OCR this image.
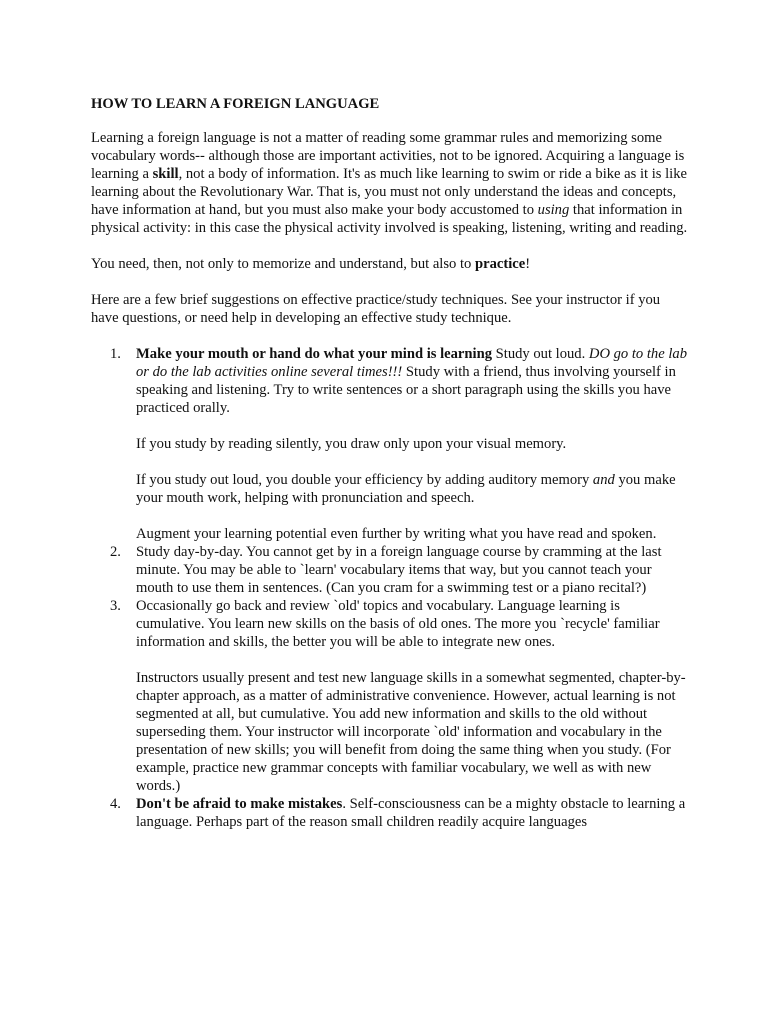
HOW TO LEARN A FOREIGN LANGUAGE

Learning a foreign language is not a matter of reading some grammar rules and memorizing some vocabulary words-- although those are important activities, not to be ignored. Acquiring a language is learning a skill, not a body of information. It's as much like learning to swim or ride a bike as it is like learning about the Revolutionary War. That is, you must not only understand the ideas and concepts, have information at hand, but you must also make your body accustomed to using that information in physical activity: in this case the physical activity involved is speaking, listening, writing and reading.

You need, then, not only to memorize and understand, but also to practice!

Here are a few brief suggestions on effective practice/study techniques. See your instructor if you have questions, or need help in developing an effective study technique.

1. Make your mouth or hand do what your mind is learning Study out loud. DO go to the lab or do the lab activities online several times!!! Study with a friend, thus involving yourself in speaking and listening. Try to write sentences or a short paragraph using the skills you have practiced orally.
If you study by reading silently, you draw only upon your visual memory.
If you study out loud, you double your efficiency by adding auditory memory and you make your mouth work, helping with pronunciation and speech.
Augment your learning potential even further by writing what you have read and spoken.
2. Study day-by-day. You cannot get by in a foreign language course by cramming at the last minute. You may be able to `learn' vocabulary items that way, but you cannot teach your mouth to use them in sentences. (Can you cram for a swimming test or a piano recital?)
3. Occasionally go back and review `old' topics and vocabulary. Language learning is cumulative. You learn new skills on the basis of old ones. The more you `recycle' familiar information and skills, the better you will be able to integrate new ones.
Instructors usually present and test new language skills in a somewhat segmented, chapter-by-chapter approach, as a matter of administrative convenience. However, actual learning is not segmented at all, but cumulative. You add new information and skills to the old without superseding them. Your instructor will incorporate `old' information and vocabulary in the presentation of new skills; you will benefit from doing the same thing when you study. (For example, practice new grammar concepts with familiar vocabulary, we well as with new words.)
4. Don't be afraid to make mistakes. Self-consciousness can be a mighty obstacle to learning a language. Perhaps part of the reason small children readily acquire languages
